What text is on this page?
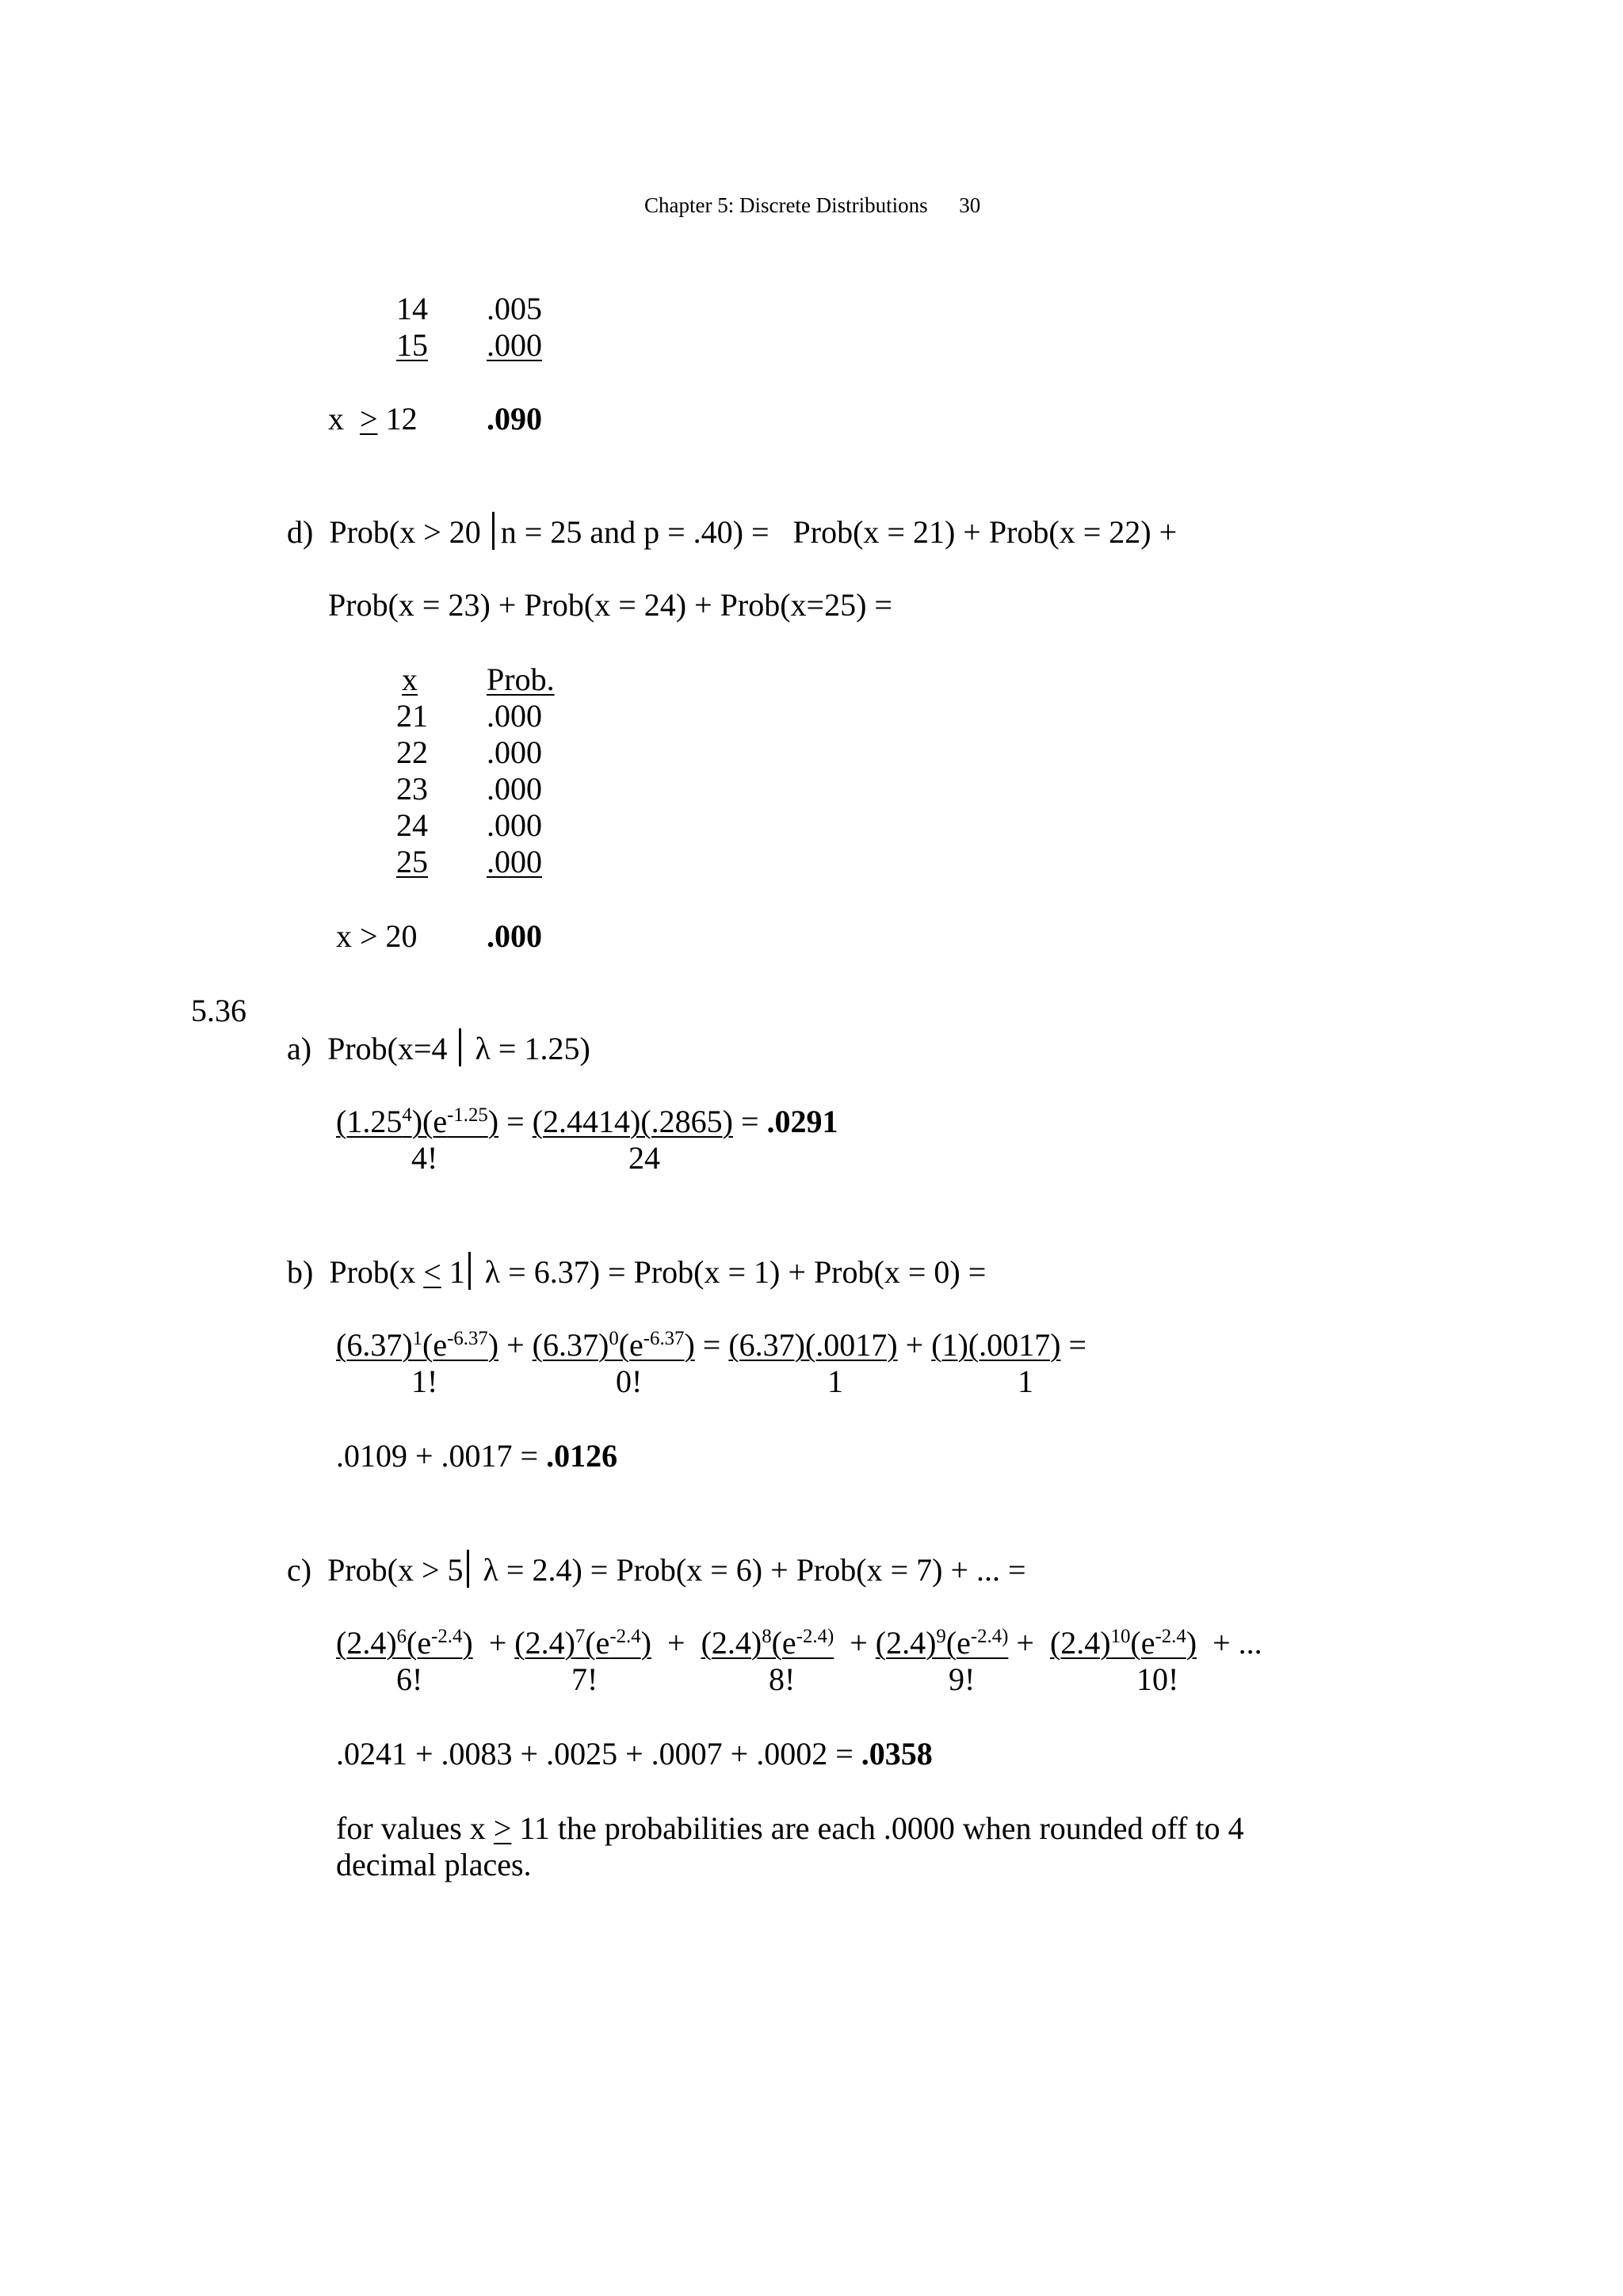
Chapter 5: Discrete Distributions 30
14 .005
15 .000
x > 12 .090
d) Prob(x > 20 n = 25 and p = .40) = Prob(x = 21) + Prob(x = 22) +
Prob(x = 23) + Prob(x = 24) + Prob(x=25) =
x Prob.
21 .000
22 .000
23 .000
24 .000
25 .000
x > 20 .000
5.36
a) Prob(x=4 λ = 1.25)
$(1.25^4)(e^{-1.25}) = (2.4414)(.2865) = .0291$
4!	24
b) Prob(x < 1 λ = 6.37) = Prob(x = 1) + Prob(x = 0) =
$(6.37)^1(e^{-6.37}) + (6.37)^0(e^{-6.37}) = (6.37)(.0017) + (1)(.0017)$ =
1!	0!	1	1
.0109 + .0017 = .0126
c) Prob(x > 5 λ = 2.4) = Prob(x = 6) + Prob(x = 7) + ... =
$(2.4)^6(e^{-2.4}) + (2.4)^7(e^{-2.4}) + (2.4)^8(e^{-2.4)} + (2.4)^9(e^{-2.4)} + (2.4)^{10}(e^{-2.4})$ + ...
6!	7!	8!	9!	10!
.0241 + .0083 + .0025 + .0007 + .0002 = .0358
for values x > 11 the probabilities are each .0000 when rounded off to 4
decimal places.
